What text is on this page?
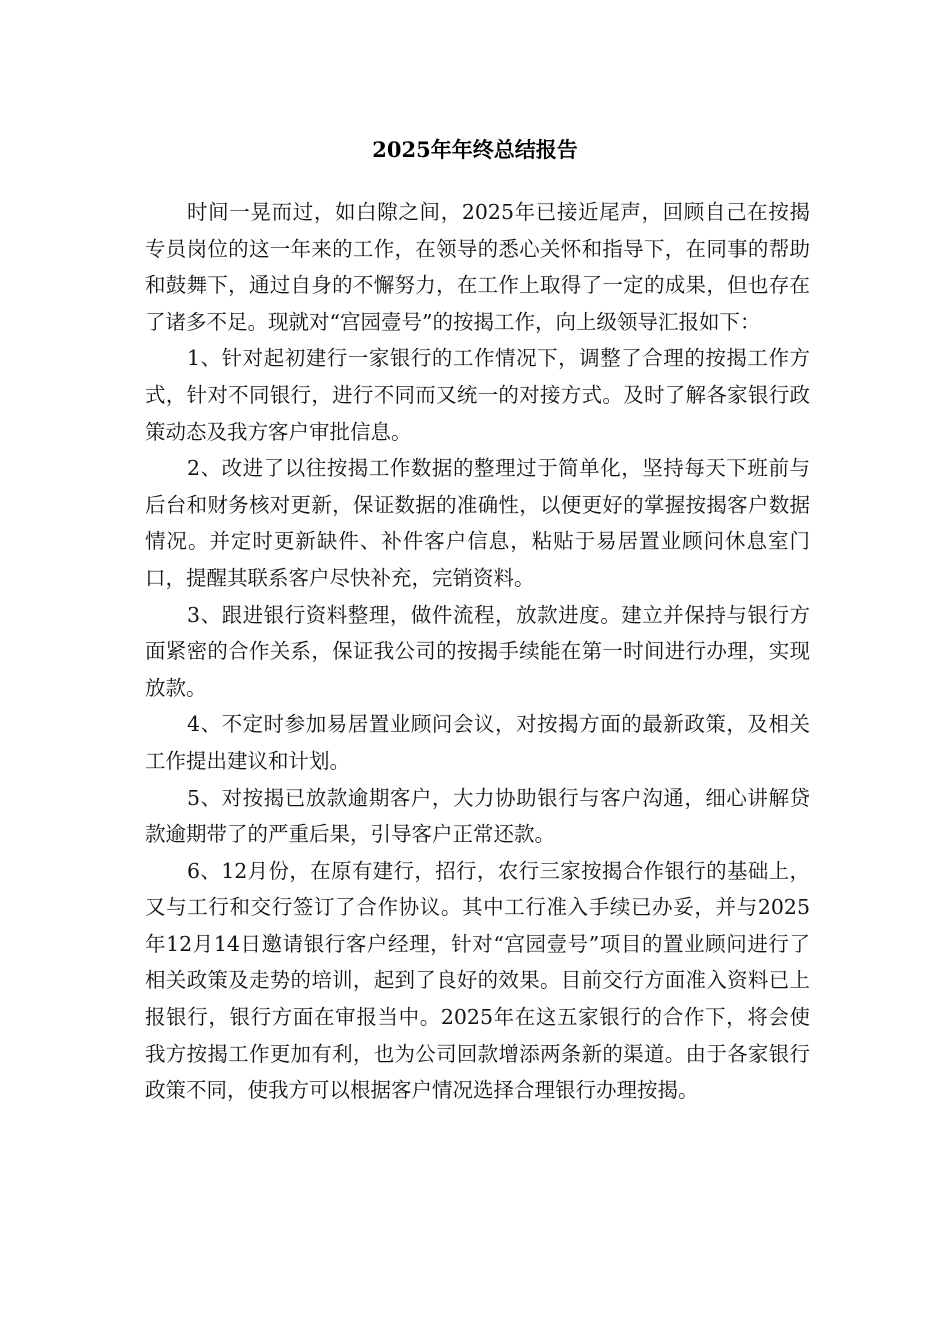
2025年年终总结报告

时间一晃而过，如白隙之间，2025年已接近尾声，回顾自己在按揭专员岗位的这一年来的工作，在领导的悉心关怀和指导下，在同事的帮助和鼓舞下，通过自身的不懈努力，在工作上取得了一定的成果，但也存在了诸多不足。现就对“宫园壹号”的按揭工作，向上级领导汇报如下：

1、针对起初建行一家银行的工作情况下，调整了合理的按揭工作方式，针对不同银行，进行不同而又统一的对接方式。及时了解各家银行政策动态及我方客户审批信息。

2、改进了以往按揭工作数据的整理过于简单化，坚持每天下班前与后台和财务核对更新，保证数据的准确性，以便更好的掌握按揭客户数据情况。并定时更新缺件、补件客户信息，粘贴于易居置业顾问休息室门口，提醒其联系客户尽快补充，完销资料。

3、跟进银行资料整理，做件流程，放款进度。建立并保持与银行方面紧密的合作关系，保证我公司的按揭手续能在第一时间进行办理，实现放款。

4、不定时参加易居置业顾问会议，对按揭方面的最新政策，及相关工作提出建议和计划。

5、对按揭已放款逾期客户，大力协助银行与客户沟通，细心讲解贷款逾期带了的严重后果，引导客户正常还款。

6、12月份，在原有建行，招行，农行三家按揭合作银行的基础上，又与工行和交行签订了合作协议。其中工行准入手续已办妥，并与2025年12月14日邀请银行客户经理，针对“宫园壹号”项目的置业顾问进行了相关政策及走势的培训，起到了良好的效果。目前交行方面准入资料已上报银行，银行方面在审报当中。2025年在这五家银行的合作下，将会使我方按揭工作更加有利，也为公司回款增添两条新的渠道。由于各家银行政策不同，使我方可以根据客户情况选择合理银行办理按揭。
